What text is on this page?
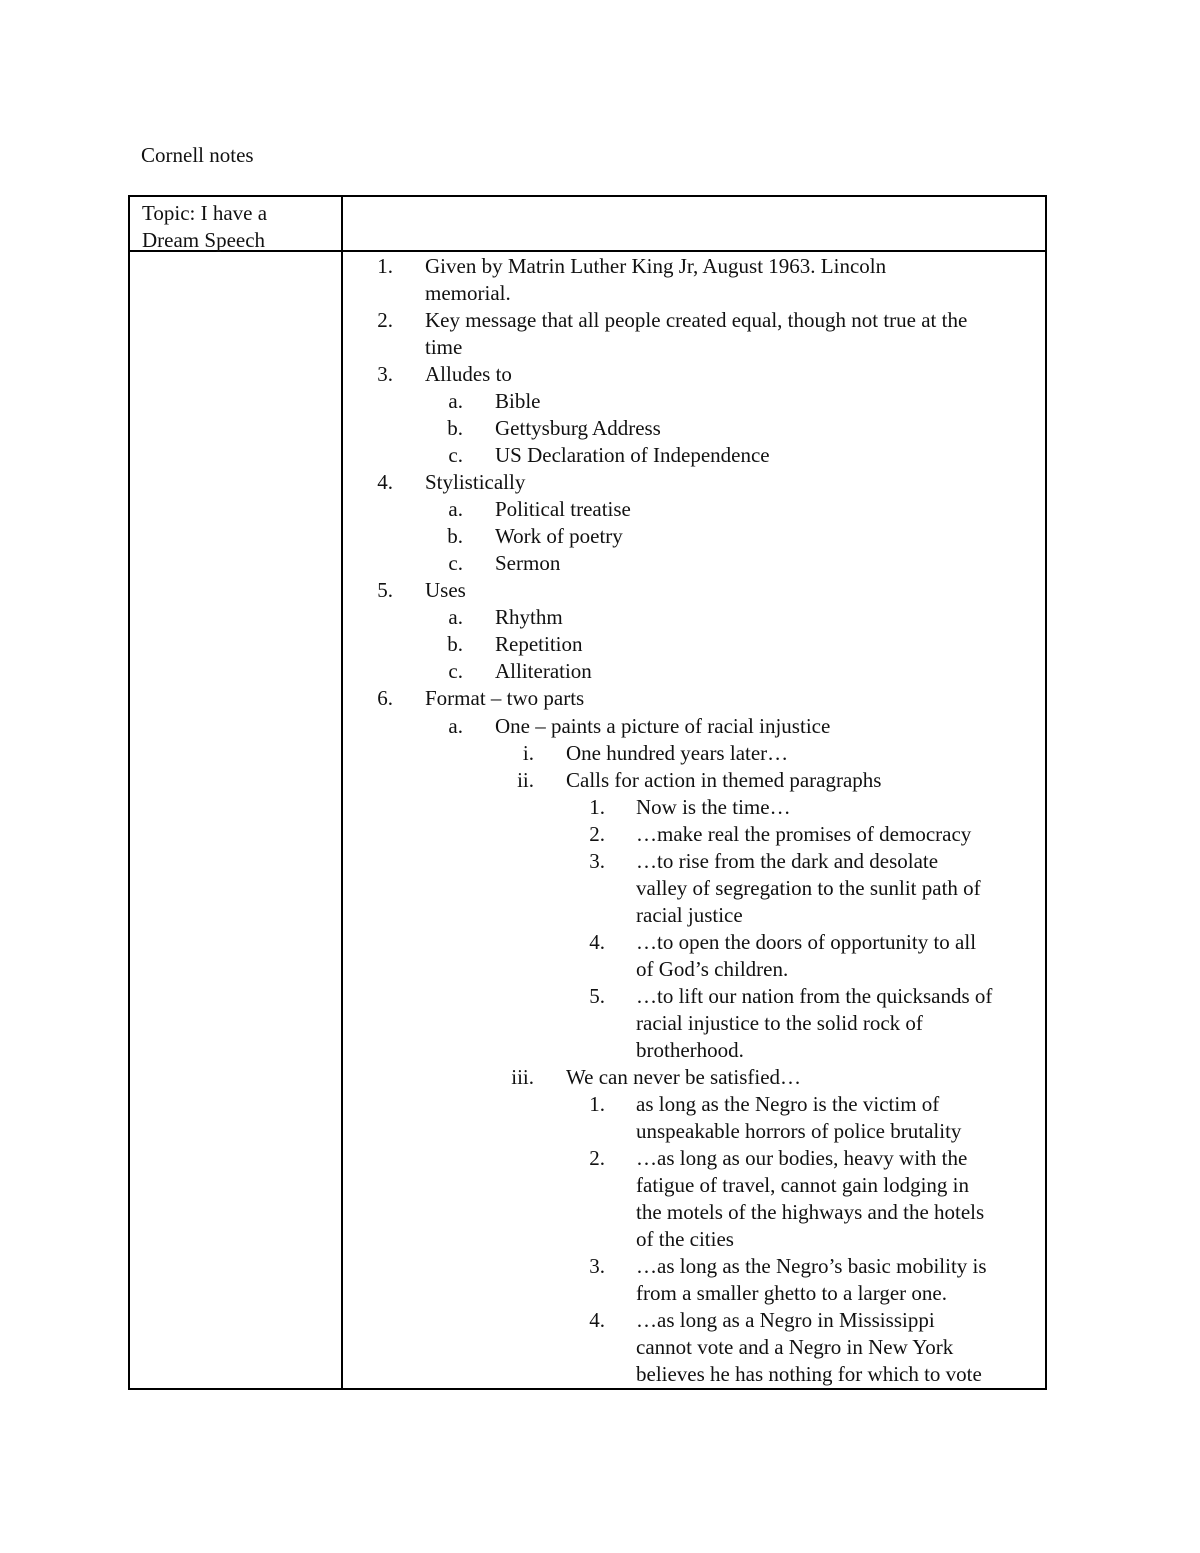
Cornell notes
Topic: I have a
Dream Speech
1. Given by Matrin Luther King Jr, August 1963. Lincoln
memorial.
2. Key message that all people created equal, though not true at the
time
3. Alludes to
a. Bible
b. Gettysburg Address
c. US Declaration of Independence
4. Stylistically
a. Political treatise
b. Work of poetry
c. Sermon
5. Uses
a. Rhythm
b. Repetition
c. Alliteration
6. Format – two parts
a. One – paints a picture of racial injustice
i. One hundred years later…
ii. Calls for action in themed paragraphs
1. Now is the time…
2. …make real the promises of democracy
3. …to rise from the dark and desolate
valley of segregation to the sunlit path of
racial justice
4. …to open the doors of opportunity to all
of God’s children.
5. …to lift our nation from the quicksands of
racial injustice to the solid rock of
brotherhood.
iii. We can never be satisfied…
1. as long as the Negro is the victim of
unspeakable horrors of police brutality
2. …as long as our bodies, heavy with the
fatigue of travel, cannot gain lodging in
the motels of the highways and the hotels
of the cities
3. …as long as the Negro’s basic mobility is
from a smaller ghetto to a larger one.
4. …as long as a Negro in Mississippi
cannot vote and a Negro in New York
believes he has nothing for which to vote
